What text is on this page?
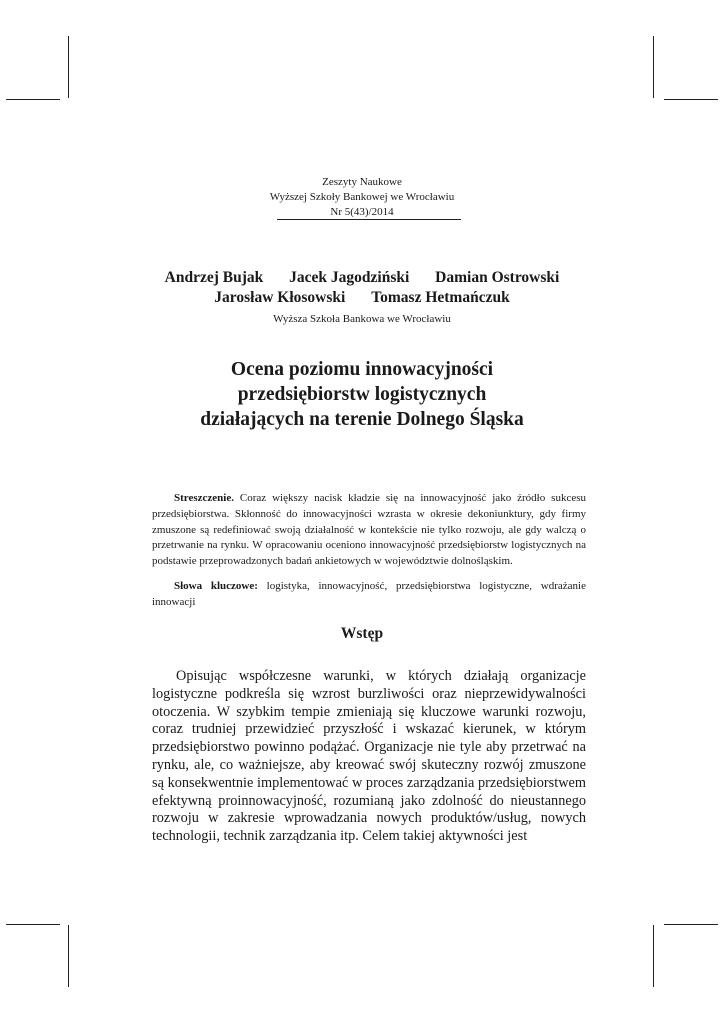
Zeszyty Naukowe
Wyższej Szkoły Bankowej we Wrocławiu
Nr 5(43)/2014
Andrzej Bujak Jacek Jagodziński Damian Ostrowski
Jarosław Kłosowski Tomasz Hetmańczuk
Wyższa Szkoła Bankowa we Wrocławiu
Ocena poziomu innowacyjności
przedsiębiorstw logistycznych
działających na terenie Dolnego Śląska

Streszczenie. Coraz większy nacisk kładzie się na innowacyjność jako źródło sukcesu przedsiębiorstwa. Skłonność do innowacyjności wzrasta w okresie dekoniunktury, gdy firmy zmuszone są redefiniować swoją działalność w kontekście nie tylko rozwoju, ale gdy walczą o przetrwanie na rynku. W opracowaniu oceniono innowacyjność przedsiębiorstw logistycznych na podstawie przeprowadzonych badań ankietowych w województwie dolnośląskim.

Słowa kluczowe: logistyka, innowacyjność, przedsiębiorstwa logistyczne, wdrażanie innowacji

Wstęp

Opisując współczesne warunki, w których działają organizacje logistyczne podkreśla się wzrost burzliwości oraz nieprzewidywalności otoczenia. W szybkim tempie zmieniają się kluczowe warunki rozwoju, coraz trudniej przewidzieć przyszłość i wskazać kierunek, w którym przedsiębiorstwo powinno podążać. Organizacje nie tyle aby przetrwać na rynku, ale, co ważniejsze, aby kreować swój skuteczny rozwój zmuszone są konsekwentnie implementować w proces zarządzania przedsiębiorstwem efektywną proinnowacyjność, rozumianą jako zdolność do nieustannego rozwoju w zakresie wprowadzania nowych produktów/usług, nowych technologii, technik zarządzania itp. Celem takiej aktywności jest
